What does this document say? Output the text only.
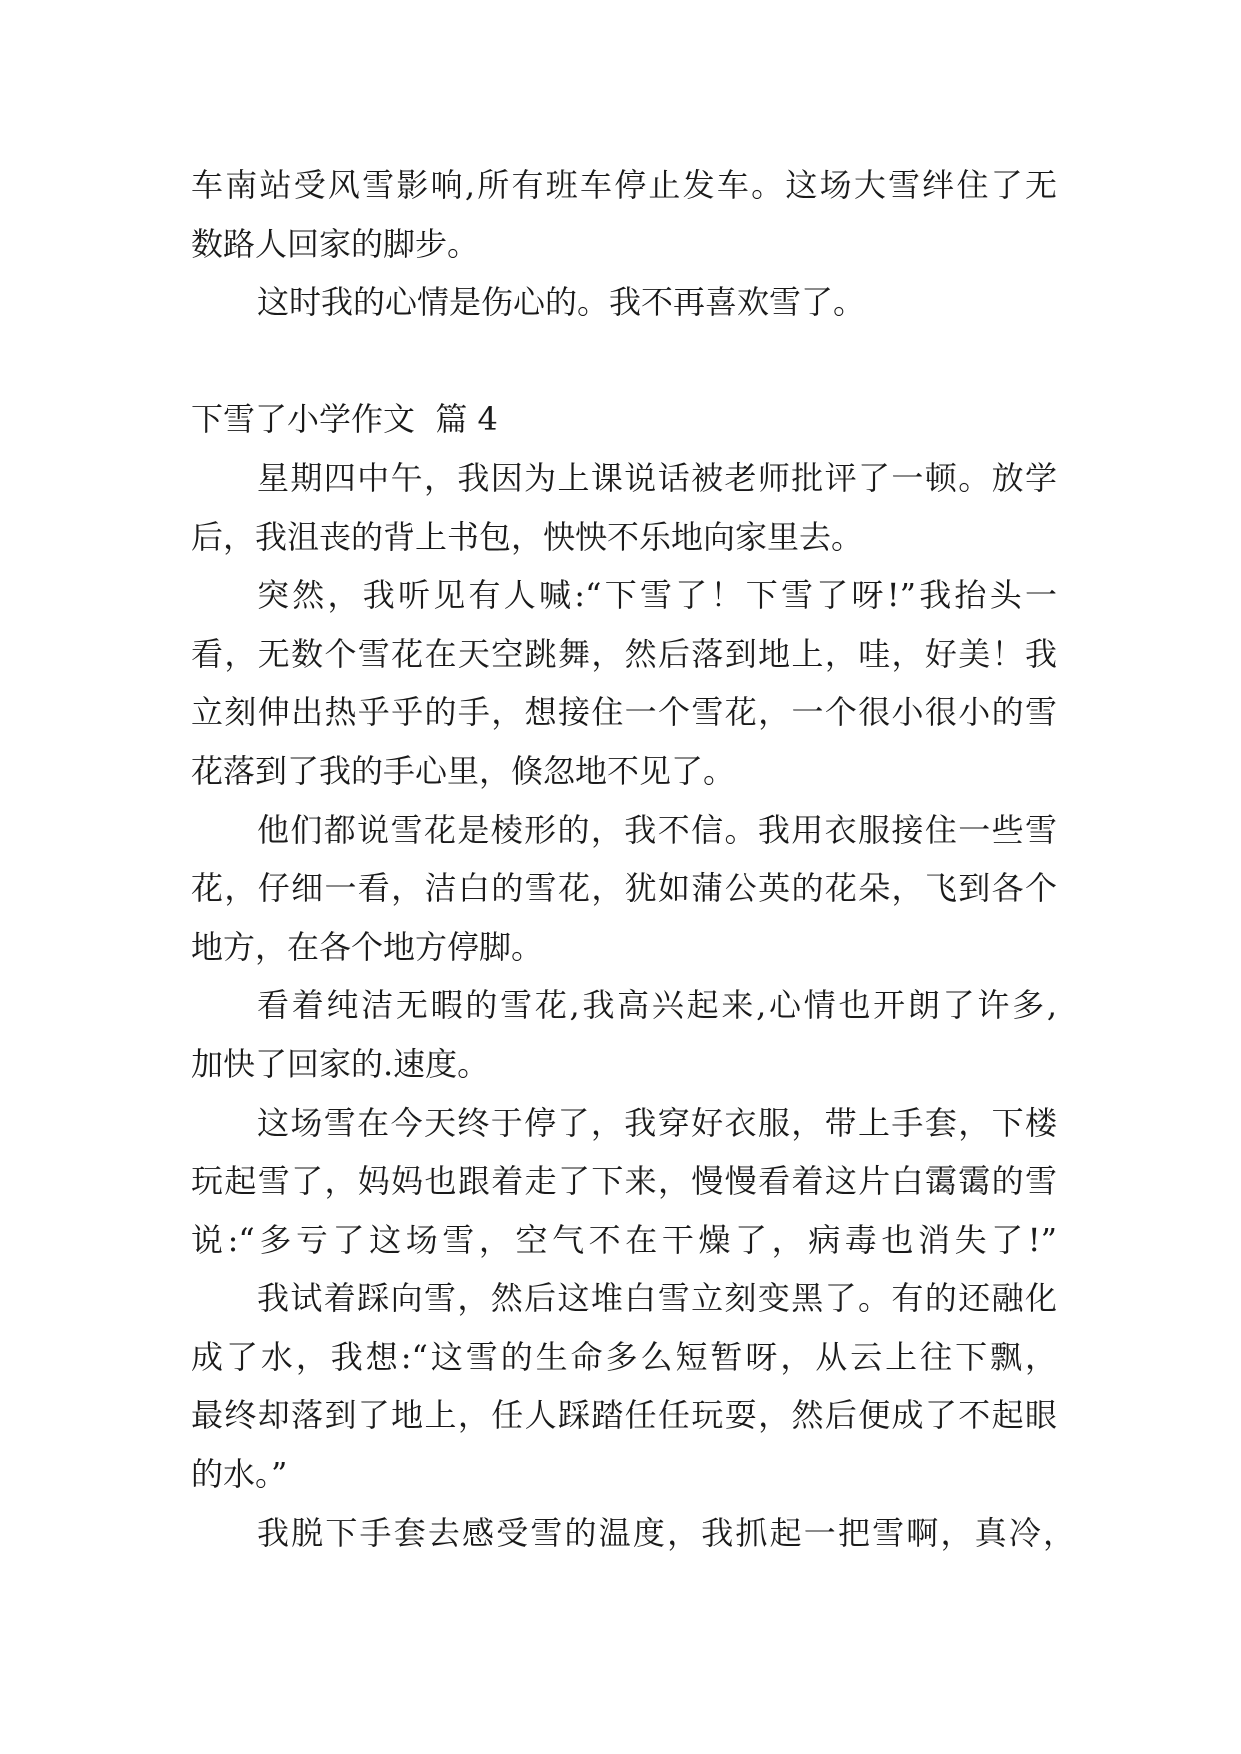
车南站受风雪影响,所有班车停止发车。这场大雪绊住了无
数路人回家的脚步。
这时我的心情是伤心的。我不再喜欢雪了。
下雪了小学作文  篇 4
星期四中午，我因为上课说话被老师批评了一顿。放学
后，我沮丧的背上书包，怏怏不乐地向家里去。
突然，我听见有人喊:“下雪了！下雪了呀!”我抬头一
看，无数个雪花在天空跳舞，然后落到地上，哇，好美！我
立刻伸出热乎乎的手，想接住一个雪花，一个很小很小的雪
花落到了我的手心里，倏忽地不见了。
他们都说雪花是棱形的，我不信。我用衣服接住一些雪
花，仔细一看，洁白的雪花，犹如蒲公英的花朵，飞到各个
地方，在各个地方停脚。
看着纯洁无暇的雪花,我高兴起来,心情也开朗了许多,
加快了回家的.速度。
这场雪在今天终于停了，我穿好衣服，带上手套，下楼
玩起雪了，妈妈也跟着走了下来，慢慢看着这片白霭霭的雪
说:“多亏了这场雪，空气不在干燥了，病毒也消失了!”
我试着踩向雪，然后这堆白雪立刻变黑了。有的还融化
成了水，我想:“这雪的生命多么短暂呀，从云上往下飘，
最终却落到了地上，任人踩踏任任玩耍，然后便成了不起眼
的水。”
我脱下手套去感受雪的温度，我抓起一把雪啊，真冷，
